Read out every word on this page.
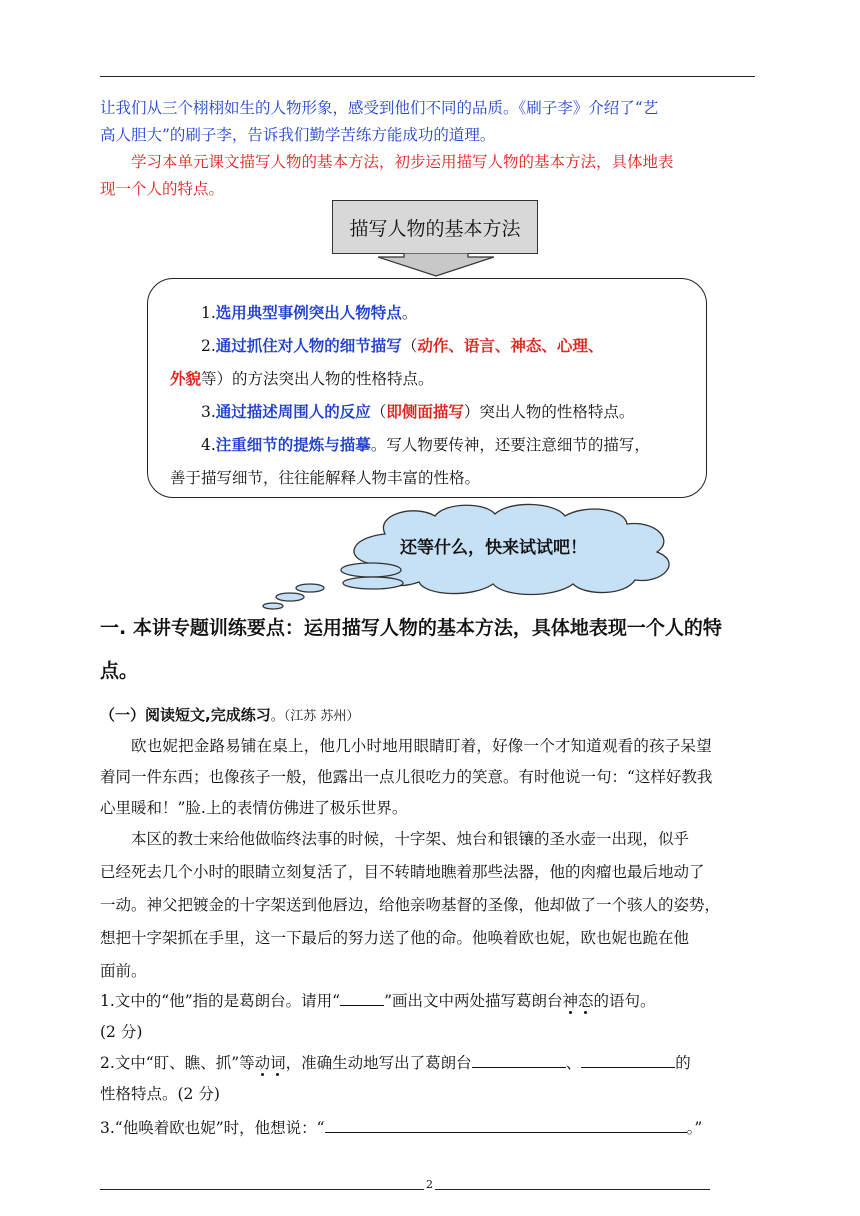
让我们从三个栩栩如生的人物形象，感受到他们不同的品质。《刷子李》介绍了“艺
高人胆大”的刷子李，告诉我们勤学苦练方能成功的道理。
学习本单元课文描写人物的基本方法，初步运用描写人物的基本方法，具体地表
现一个人的特点。
描写人物的基本方法

1.选用典型事例突出人物特点。

2.通过抓住对人物的细节描写（动作、语言、神态、心理、

外貌等）的方法突出人物的性格特点。

3.通过描述周围人的反应（即侧面描写）突出人物的性格特点。

4.注重细节的提炼与描摹。写人物要传神，还要注意细节的描写，

善于描写细节，往往能解释人物丰富的性格。

还等什么，快来试试吧！
一. 本讲专题训练要点：运用描写人物的基本方法，具体地表现一个人的特
点。
（一）阅读短文,完成练习。（江苏 苏州）
欧也妮把金路易铺在桌上，他几小时地用眼睛盯着，好像一个才知道观看的孩子呆望
着同一件东西；也像孩子一般，他露出一点儿很吃力的笑意。有时他说一句：“这样好教我
心里暖和！”脸.上的表情仿佛进了极乐世界。
本区的教士来给他做临终法事的时候，十字架、烛台和银镶的圣水壶一出现，似乎
已经死去几个小时的眼睛立刻复活了，目不转睛地瞧着那些法器，他的肉瘤也最后地动了
一动。神父把镀金的十字架送到他唇边，给他亲吻基督的圣像，他却做了一个骇人的姿势，
想把十字架抓在手里，这一下最后的努力送了他的命。他唤着欧也妮，欧也妮也跪在他
面前。
1.文中的“他”指的是葛朗台。请用“	”画出文中两处描写葛朗台神态的语句。
(2 分)
2.文中“盯、瞧、抓”等动词，准确生动地写出了葛朗台	、	的
性格特点。(2 分)
3.“他唤着欧也妮”时，他想说：“	。”
2
